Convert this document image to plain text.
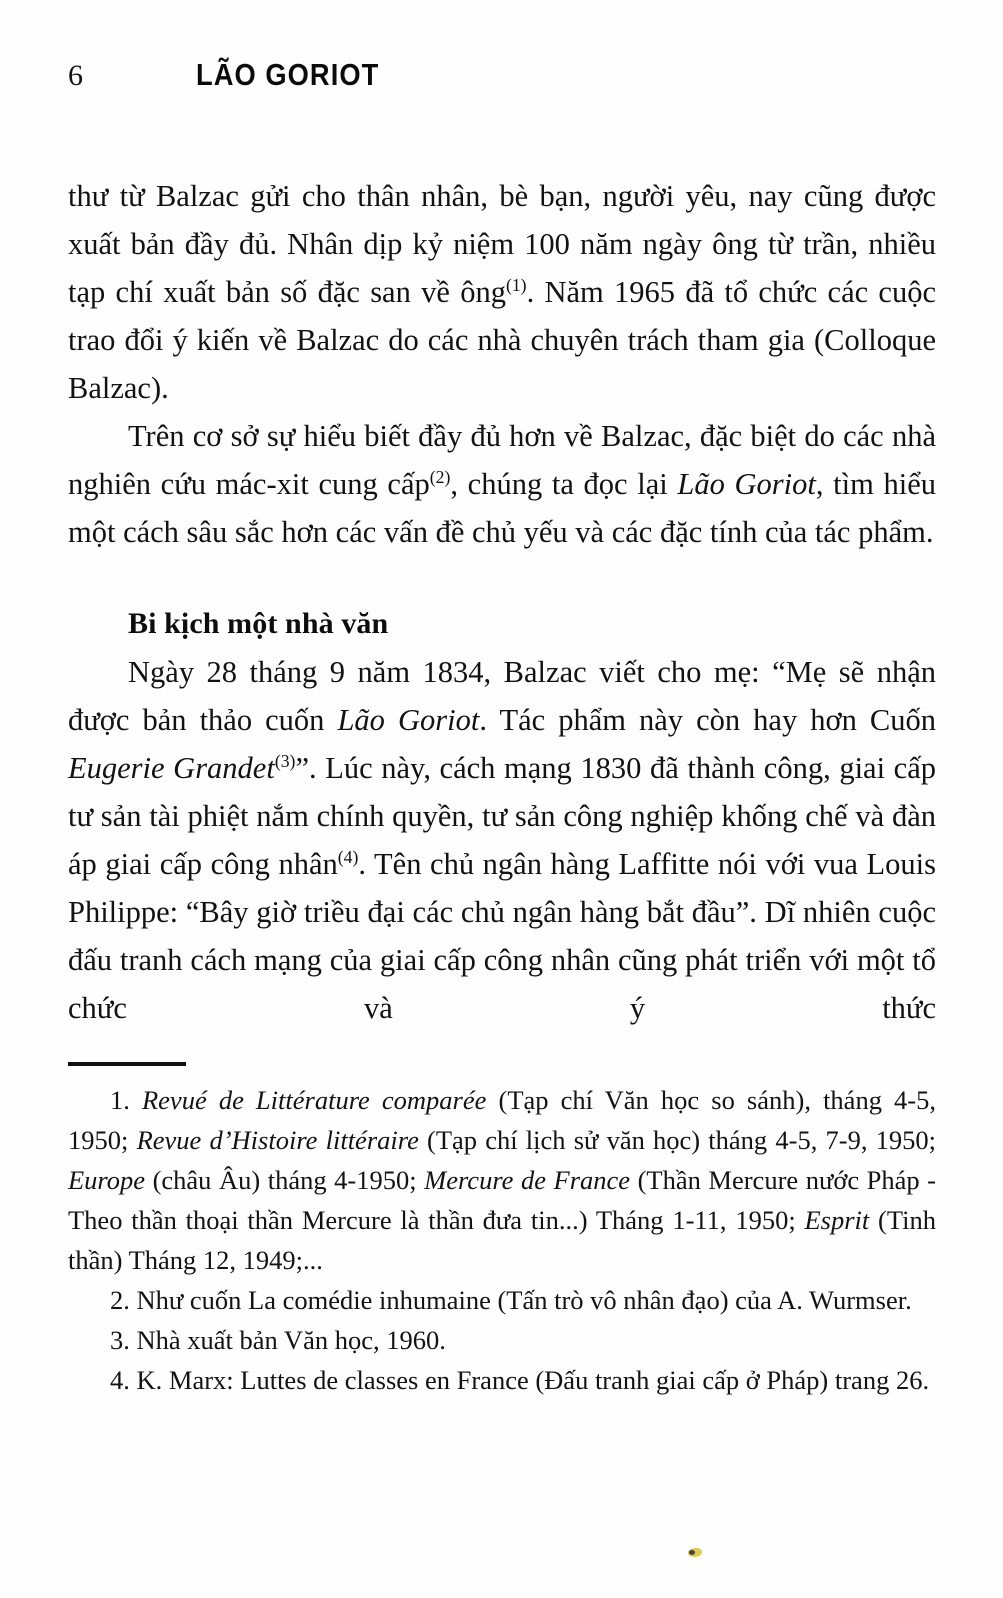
6	LÃO GORIOT

thư từ Balzac gửi cho thân nhân, bè bạn, người yêu, nay cũng được xuất bản đầy đủ. Nhân dịp kỷ niệm 100 năm ngày ông từ trần, nhiều tạp chí xuất bản số đặc san về ông$^{(1)}$. Năm 1965 đã tổ chức các cuộc trao đổi ý kiến về Balzac do các nhà chuyên trách tham gia (Colloque Balzac).

Trên cơ sở sự hiểu biết đầy đủ hơn về Balzac, đặc biệt do các nhà nghiên cứu mác-xit cung cấp$^{(2)}$, chúng ta đọc lại Lão Goriot, tìm hiểu một cách sâu sắc hơn các vấn đề chủ yếu và các đặc tính của tác phẩm.

Bi kịch một nhà văn

Ngày 28 tháng 9 năm 1834, Balzac viết cho mẹ: “Mẹ sẽ nhận được bản thảo cuốn Lão Goriot. Tác phẩm này còn hay hơn Cuốn Eugerie Grandet$^{(3)}$”. Lúc này, cách mạng 1830 đã thành công, giai cấp tư sản tài phiệt nắm chính quyền, tư sản công nghiệp khống chế và đàn áp giai cấp công nhân$^{(4)}$. Tên chủ ngân hàng Laffitte nói với vua Louis Philippe: “Bây giờ triều đại các chủ ngân hàng bắt đầu”. Dĩ nhiên cuộc đấu tranh cách mạng của giai cấp công nhân cũng phát triển với một tổ chức và ý thức

1. Revué de Littérature comparée (Tạp chí Văn học so sánh), tháng 4-5, 1950; Revue d’Histoire littéraire (Tạp chí lịch sử văn học) tháng 4-5, 7-9, 1950; Europe (châu Âu) tháng 4-1950; Mercure de France (Thần Mercure nước Pháp - Theo thần thoại thần Mercure là thần đưa tin...) Tháng 1-11, 1950; Esprit (Tinh thần) Tháng 12, 1949;...

2. Như cuốn La comédie inhumaine (Tấn trò vô nhân đạo) của A. Wurmser.

3. Nhà xuất bản Văn học, 1960.

4. K. Marx: Luttes de classes en France (Đấu tranh giai cấp ở Pháp) trang 26.
